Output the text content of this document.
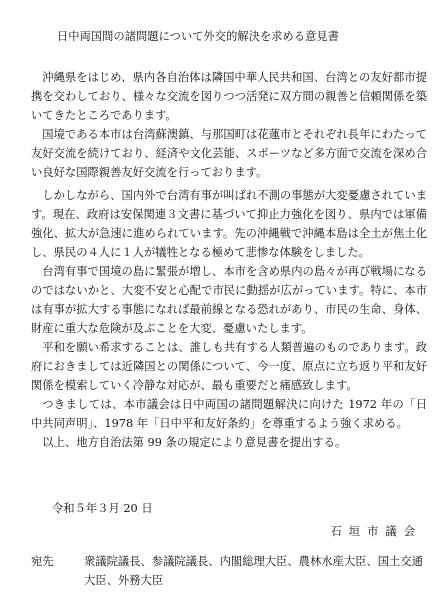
日中両国間の諸問題について外交的解決を求める意見書

沖縄県をはじめ、県内各自治体は隣国中華人民共和国、台湾との友好都市提携を交わしており、様々な交流を図りつつ活発に双方間の親善と信頼関係を築いてきたところであります。

国境である本市は台湾蘇澳鎮、与那国町は花蓮市とそれぞれ長年にわたって友好交流を続けており、経済や文化芸能、スポーツなど多方面で交流を深め合い良好な国際親善友好交流を行っております。

しかしながら、国内外で台湾有事が叫ばれ不測の事態が大変憂慮されています。現在、政府は安保関連３文書に基づいて抑止力強化を図り、県内では軍備強化、拡大が急速に進められています。先の沖縄戦で沖縄本島は全土が焦土化し、県民の４人に１人が犠牲となる極めて悲惨な体験をしました。

台湾有事で国境の島に緊張が増し、本市を含め県内の島々が再び戦場になるのではないかと、大変不安と心配で市民に動揺が広がっています。特に、本市は有事が拡大する事態になれば最前線となる恐れがあり、市民の生命、身体、財産に重大な危険が及ぶことを大変、憂慮いたします。

平和を願い希求することは、誰しも共有する人類普遍のものであります。政府におきましては近隣国との関係について、今一度、原点に立ち返り平和友好関係を模索していく冷静な対応が、最も重要だと痛感致します。

つきましては、本市議会は日中両国の諸問題解決に向けた 1972 年の「日中共同声明」、1978 年「日中平和友好条約」を尊重するよう強く求める。

以上、地方自治法第 99 条の規定により意見書を提出する。

令和５年３月 20 日
石垣市議会
宛先	衆議院議長、参議院議長、内閣総理大臣、農林水産大臣、国土交通大臣、外務大臣
